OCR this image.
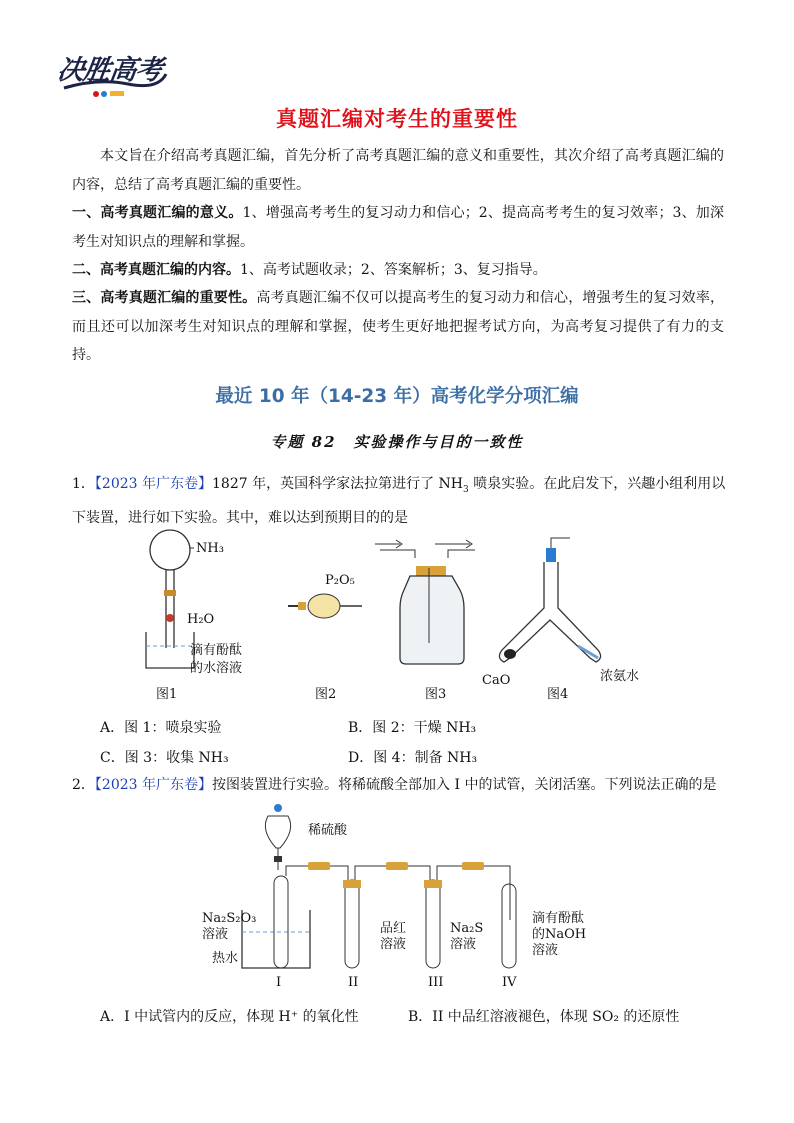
决胜高考
真题汇编对考生的重要性
本文旨在介绍高考真题汇编，首先分析了高考真题汇编的意义和重要性，其次介绍了高考真题汇编的内容，总结了高考真题汇编的重要性。
一、高考真题汇编的意义。1、增强高考考生的复习动力和信心；2、提高高考考生的复习效率；3、加深考生对知识点的理解和掌握。
二、高考真题汇编的内容。1、高考试题收录；2、答案解析；3、复习指导。
三、高考真题汇编的重要性。高考真题汇编不仅可以提高考生的复习动力和信心，增强考生的复习效率，而且还可以加深考生对知识点的理解和掌握，使考生更好地把握考试方向，为高考复习提供了有力的支持。
最近 10 年（14-23 年）高考化学分项汇编
专题 82　实验操作与目的一致性
1．【2023 年广东卷】1827 年，英国科学家法拉第进行了 $NH_3$ 喷泉实验。在此启发下，兴趣小组利用以下装置，进行如下实验。其中，难以达到预期目的的是
NH₃
H₂O
滴有酚酞
的水溶液
图1
P₂O₅
图2	图3
CaO	浓氨水
图4
A．图 1：喷泉实验	B．图 2：干燥 NH₃
C．图 3：收集 NH₃	D．图 4：制备 NH₃
2．【2023 年广东卷】按图装置进行实验。将稀硫酸全部加入 I 中的试管，关闭活塞。下列说法正确的是
稀硫酸
Na₂S₂O₃
溶液
热水
I
品红
溶液
II
Na₂S
溶液
III
滴有酚酞
的NaOH
溶液
IV
A．I 中试管内的反应，体现 H⁺ 的氧化性	B．II 中品红溶液褪色，体现 SO₂ 的还原性
